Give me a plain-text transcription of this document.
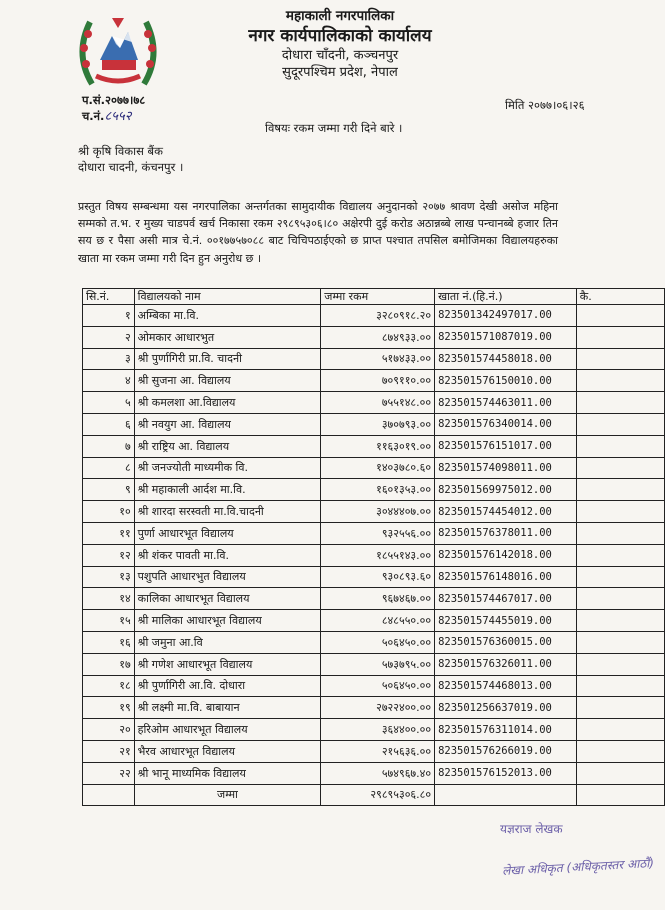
महाकाली नगरपालिका
नगर कार्यपालिकाको कार्यालय
दोधारा चाँदनी, कञ्चनपुर
सुदूरपश्चिम प्रदेश, नेपाल
प.सं.२०७७।७८
च.नं.८५५२
मिति २०७७।०६।२६
विषयः रकम जम्मा गरी दिने बारे ।
श्री कृषि विकास बैंक
दोधारा चादनी, कंचनपुर ।
प्रस्तुत विषय सम्बन्धमा यस नगरपालिका अन्तर्गतका सामुदायीक विद्यालय अनुदानको २०७७ श्रावण देखी असोज महिना सम्मको त.भ. र मुख्य चाडपर्व खर्च निकासा रकम २९८९५३०६।८० अक्षेरपी दुई करोड अठान्नब्बे लाख पन्चानब्बे हजार तिन सय छ र पैसा असी मात्र चे.नं. ००१७७५७०८८ बाट चिचिपठाईएको छ प्राप्त पश्चात तपसिल बमोजिमका विद्यालयहरुका खाता मा रकम जम्मा गरी दिन हुन अनुरोध छ ।
सि.नं.	विद्यालयको नाम	जम्मा रकम	खाता नं.(हि.नं.)	कै.
१	अम्बिका मा.वि.	३२८०९१८.२०	823501342497017.00	
२	ओमकार आधारभुत	८७४९३३.००	823501571087019.00	
३	श्री पुर्णागिरी प्रा.वि. चादनी	५१७४३३.००	823501574458018.00	
४	श्री सुजना आ. विद्यालय	७०९११०.००	823501576150010.00	
५	श्री कमलशा आ.विद्यालय	७५५१४८.००	823501574463011.00	
६	श्री नवयुग आ. विद्यालय	३७०७९३.००	823501576340014.00	
७	श्री राष्ट्रिय आ. विद्यालय	११६३०१९.००	823501576151017.00	
८	श्री जनज्योती माध्यमीक वि.	१४०३७८०.६०	823501574098011.00	
९	श्री महाकाली आर्दश मा.वि.	१६०१३५३.००	823501569975012.00	
१०	श्री शारदा सरस्वती मा.वि.चादनी	३०४४४०७.००	823501574454012.00	
११	पुर्णा आधारभूत विद्यालय	९३२५५६.००	823501576378011.00	
१२	श्री शंकर पावती मा.वि.	१८५५१४३.००	823501576142018.00	
१३	पशुपति आधारभुत विद्यालय	९३०८९३.६०	823501576148016.00	
१४	कालिका आधारभूत विद्यालय	९६७४६७.००	823501574467017.00	
१५	श्री मालिका आधारभूत विद्यालय	८४८५५०.००	823501574455019.00	
१६	श्री जमुना आ.वि	५०६४५०.००	823501576360015.00	
१७	श्री गणेश आधारभूत विद्यालय	५७३७९५.००	823501576326011.00	
१८	श्री पुर्णागिरी आ.वि. दोधारा	५०६४५०.००	823501574468013.00	
१९	श्री लक्ष्मी मा.वि. बाबायान	२७२२४००.००	823501256637019.00	
२०	हरिओम आधारभूत विद्यालय	३६४४००.००	823501576311014.00	
२१	भैरव आधारभूत विद्यालय	२१५६३६.००	823501576266019.00	
२२	श्री भानू माध्यमिक विद्यालय	५७४९६७.४०	823501576152013.00	
	जम्मा	२९८९५३०६.८०		
यज्ञराज लेखक
लेखा अधिकृत (अधिकृतस्तर आठौं)
